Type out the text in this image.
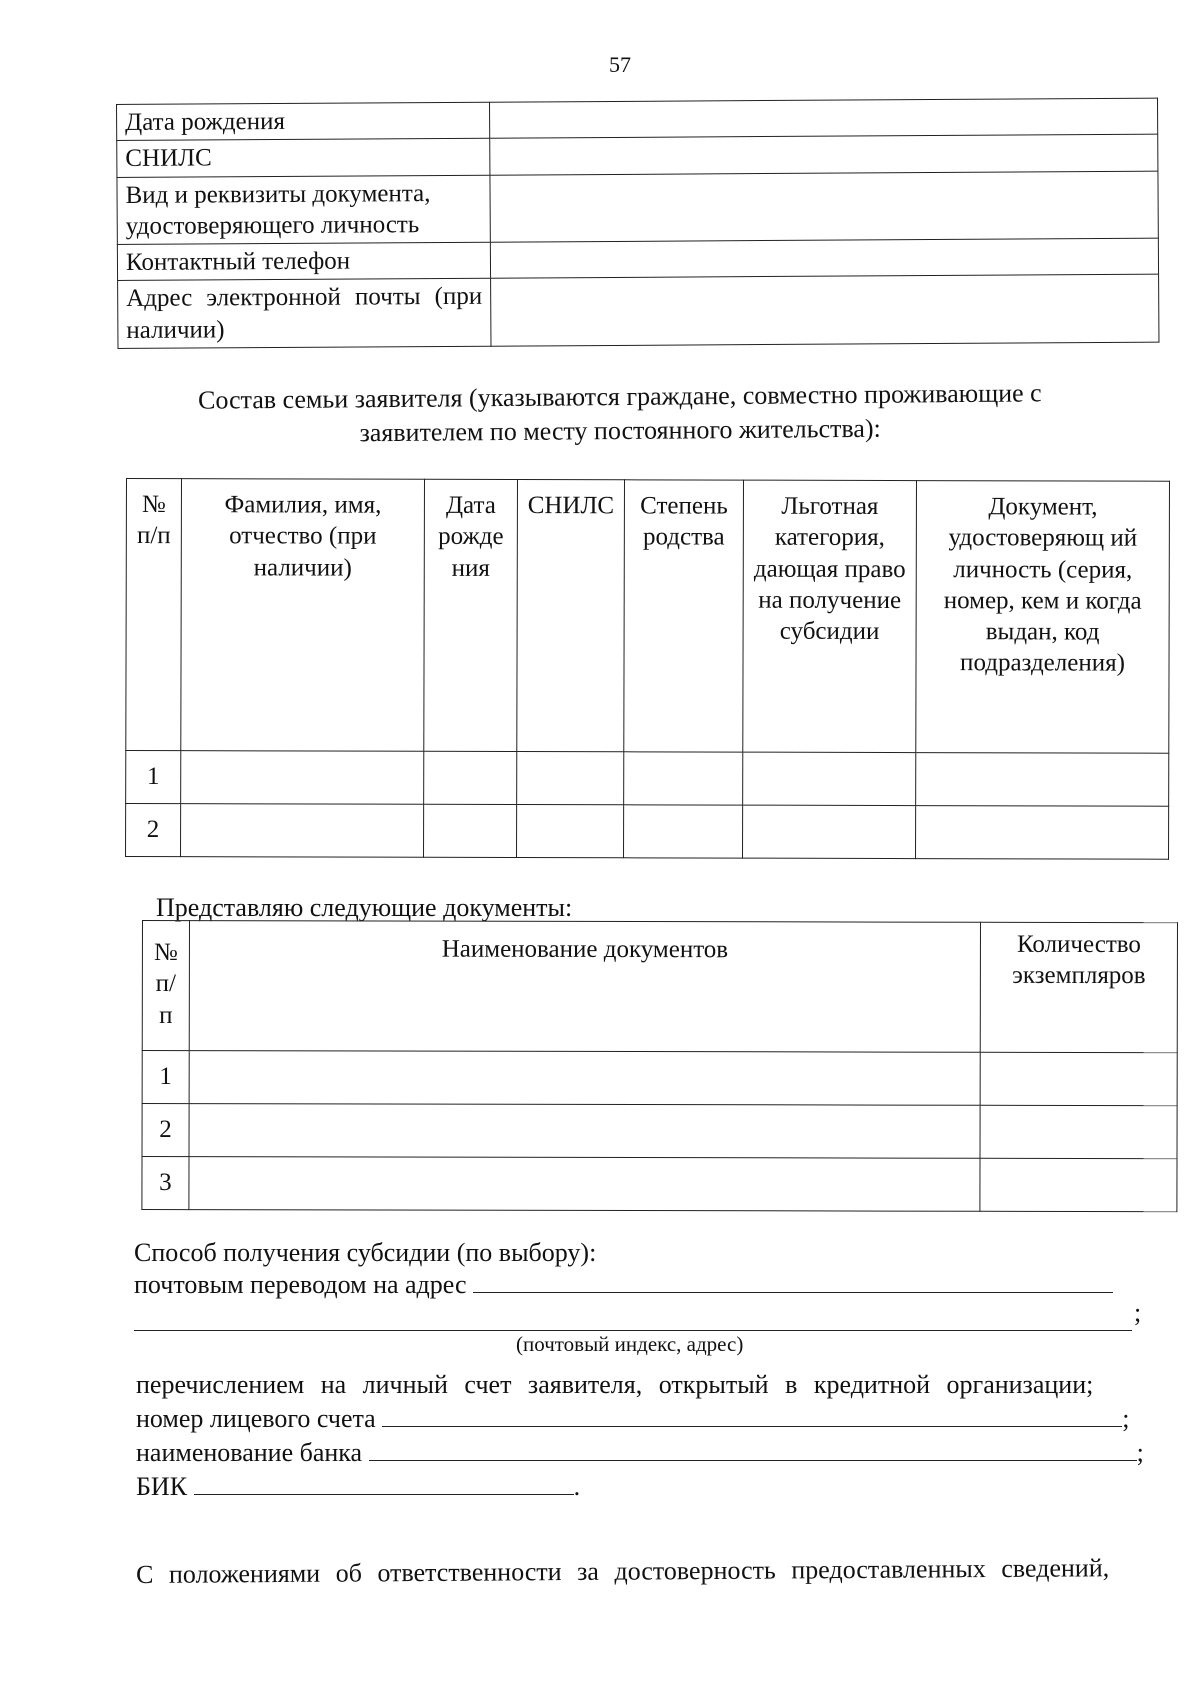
57
Дата рождения	
СНИЛС	
Вид и реквизиты документа, удостоверяющего личность	
Контактный телефон	
Адрес электронной почты (при наличии)	
Состав семьи заявителя (указываются граждане, совместно проживающие с заявителем по месту постоянного жительства):
№ п/п	Фамилия, имя, отчество (при наличии)	Дата рожде ния	СНИЛС	Степень родства	Льготная категория, дающая право на получение субсидии	Документ, удостоверяющ ий личность (серия, номер, кем и когда выдан, код подразделения)
1						
2						
Представляю следующие документы:
№ п/ п	Наименование документов	Количество экземпляров
1		
2		
3		
Способ получения субсидии (по выбору):
почтовым переводом на адрес
;
(почтовый индекс, адрес)
перечислением на личный счет заявителя, открытый в кредитной организации;
номер лицевого счета	;
наименование банка	;
БИК	.
С положениями об ответственности за достоверность предоставленных сведений,
